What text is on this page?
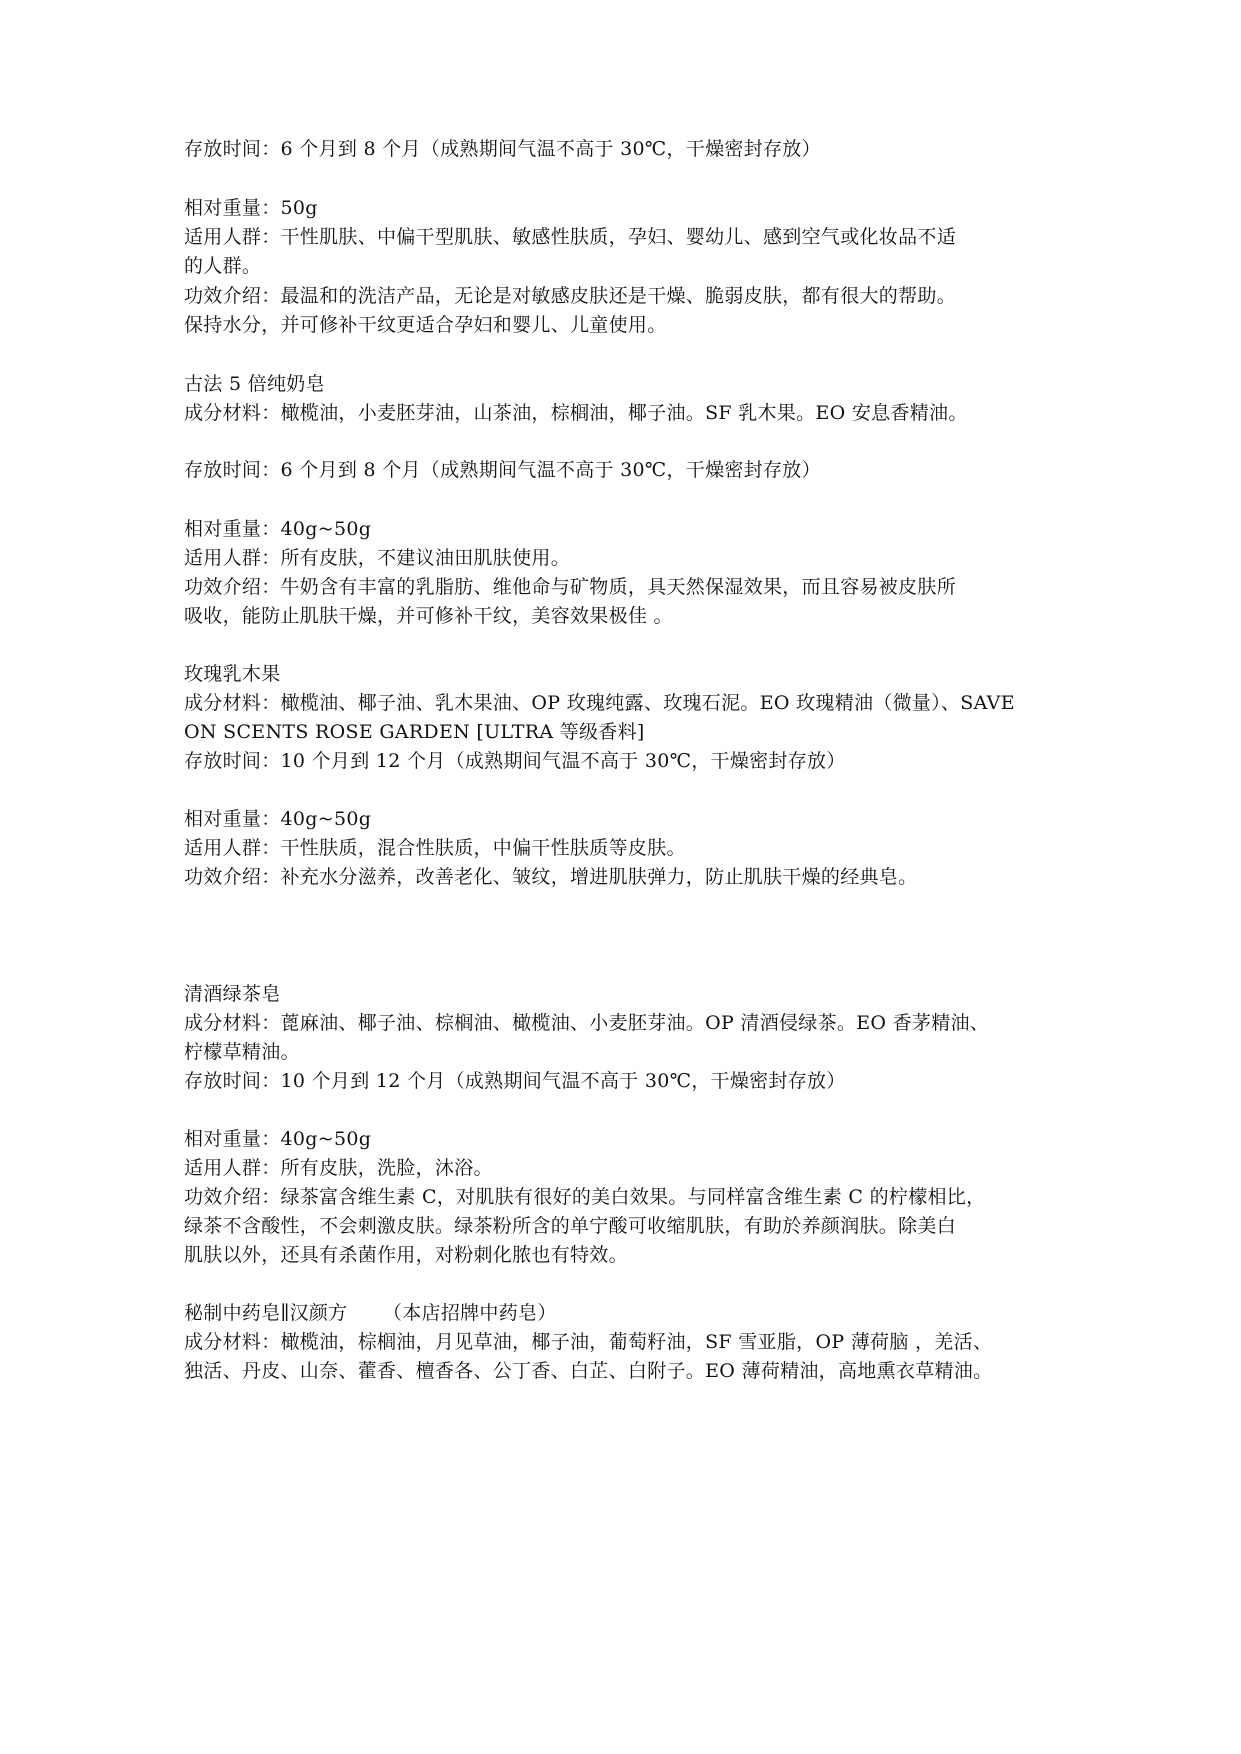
存放时间：6 个月到 8 个月（成熟期间气温不高于 30℃，干燥密封存放）
相对重量：50g
适用人群：干性肌肤、中偏干型肌肤、敏感性肤质，孕妇、婴幼儿、感到空气或化妆品不适
的人群。
功效介绍：最温和的洗洁产品，无论是对敏感皮肤还是干燥、脆弱皮肤，都有很大的帮助。
保持水分，并可修补干纹更适合孕妇和婴儿、儿童使用。
古法 5 倍纯奶皂
成分材料：橄榄油，小麦胚芽油，山茶油，棕榈油，椰子油。SF 乳木果。EO 安息香精油。
存放时间：6 个月到 8 个月（成熟期间气温不高于 30℃，干燥密封存放）
相对重量：40g~50g
适用人群：所有皮肤，不建议油田肌肤使用。
功效介绍：牛奶含有丰富的乳脂肪、维他命与矿物质，具天然保湿效果，而且容易被皮肤所
吸收，能防止肌肤干燥，并可修补干纹，美容效果极佳 。
玫瑰乳木果
成分材料：橄榄油、椰子油、乳木果油、OP 玫瑰纯露、玫瑰石泥。EO 玫瑰精油（微量）、SAVE
ON SCENTS ROSE GARDEN [ULTRA 等级香料]
存放时间：10 个月到 12 个月（成熟期间气温不高于 30℃，干燥密封存放）
相对重量：40g~50g
适用人群：干性肤质，混合性肤质，中偏干性肤质等皮肤。
功效介绍：补充水分滋养，改善老化、皱纹，增进肌肤弹力，防止肌肤干燥的经典皂。
清酒绿茶皂
成分材料：蓖麻油、椰子油、棕榈油、橄榄油、小麦胚芽油。OP 清酒侵绿茶。EO 香茅精油、
柠檬草精油。
存放时间：10 个月到 12 个月（成熟期间气温不高于 30℃，干燥密封存放）
相对重量：40g~50g
适用人群：所有皮肤，洗脸，沐浴。
功效介绍：绿茶富含维生素 C，对肌肤有很好的美白效果。与同样富含维生素 C 的柠檬相比，
绿茶不含酸性，不会刺激皮肤。绿茶粉所含的单宁酸可收缩肌肤，有助於养颜润肤。除美白
肌肤以外，还具有杀菌作用，对粉刺化脓也有特效。
秘制中药皂∥汉颜方 　　（本店招牌中药皂）
成分材料：橄榄油，棕榈油，月见草油，椰子油，葡萄籽油，SF 雪亚脂，OP 薄荷脑 ，羌活、
独活、丹皮、山奈、藿香、檀香各、公丁香、白芷、白附子。EO 薄荷精油，高地熏衣草精油。
